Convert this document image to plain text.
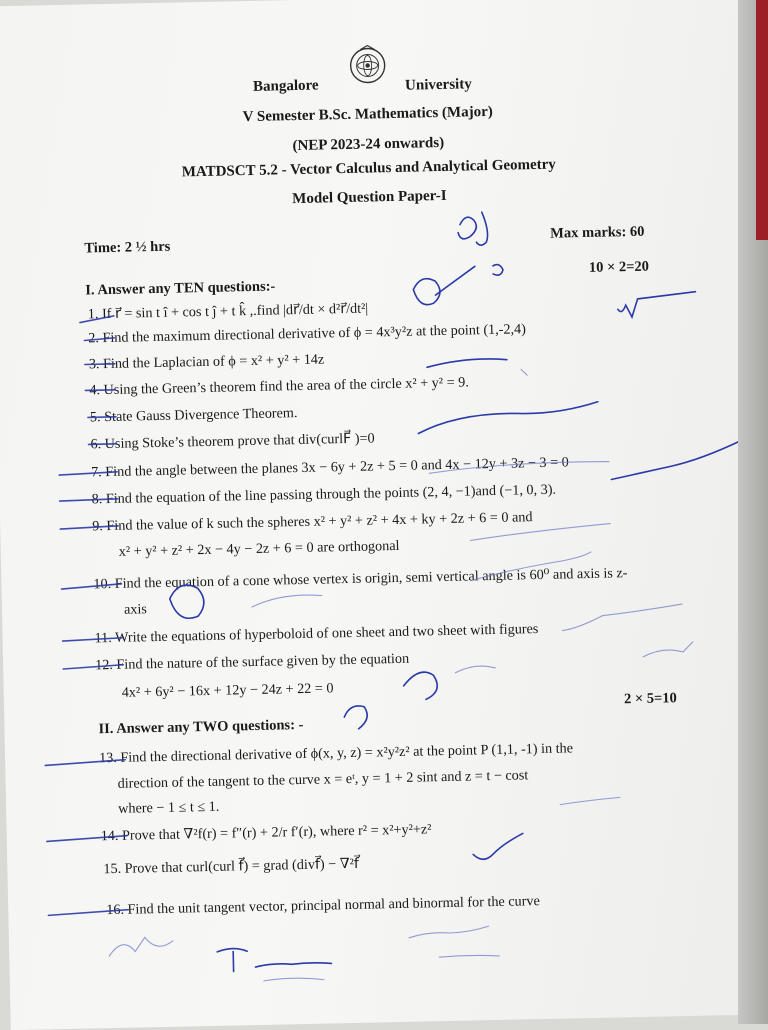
Bangalore	University
V Semester B.Sc. Mathematics (Major)
(NEP 2023-24 onwards)
MATDSCT 5.2 - Vector Calculus and Analytical Geometry
Model Question Paper-I
Time: 2 ½ hrs
Max marks: 60
I. Answer any TEN questions:-
10 × 2=20
1. If r⃗ = sin t î + cos t ĵ + t k̂ ,.find |dr⃗/dt × d²r⃗/dt²|
2. Find the maximum directional derivative of ϕ = 4x³y²z at the point (1,-2,4)
3. Find the Laplacian of ϕ = x² + y² + 14z
4. Using the Green’s theorem find the area of the circle x² + y² = 9.
5. State Gauss Divergence Theorem.
6. Using Stoke’s theorem prove that div(curlF⃗ )=0
7. Find the angle between the planes 3x − 6y + 2z + 5 = 0 and 4x − 12y + 3z − 3 = 0
8. Find the equation of the line passing through the points (2, 4, −1)and (−1, 0, 3).
9. Find the value of k such the spheres x² + y² + z² + 4x + ky + 2z + 6 = 0 and
x² + y² + z² + 2x − 4y − 2z + 6 = 0 are orthogonal
10. Find the equation of a cone whose vertex is origin, semi vertical angle is 60⁰ and axis is z-
axis
11. Write the equations of hyperboloid of one sheet and two sheet with figures
12. Find the nature of the surface given by the equation
4x² + 6y² − 16x + 12y − 24z + 22 = 0
II. Answer any TWO questions: -
2 × 5=10
13. Find the directional derivative of ϕ(x, y, z) = x²y²z² at the point P (1,1, -1) in the
direction of the tangent to the curve x = eᵗ, y = 1 + 2 sint and z = t − cost
where − 1 ≤ t ≤ 1.
14. Prove that ∇²f(r) = f″(r) + 2/r f′(r), where r² = x²+y²+z²
15. Prove that curl(curl f⃗) = grad (divf⃗) − ∇²f⃗
16. Find the unit tangent vector, principal normal and binormal for the curve
